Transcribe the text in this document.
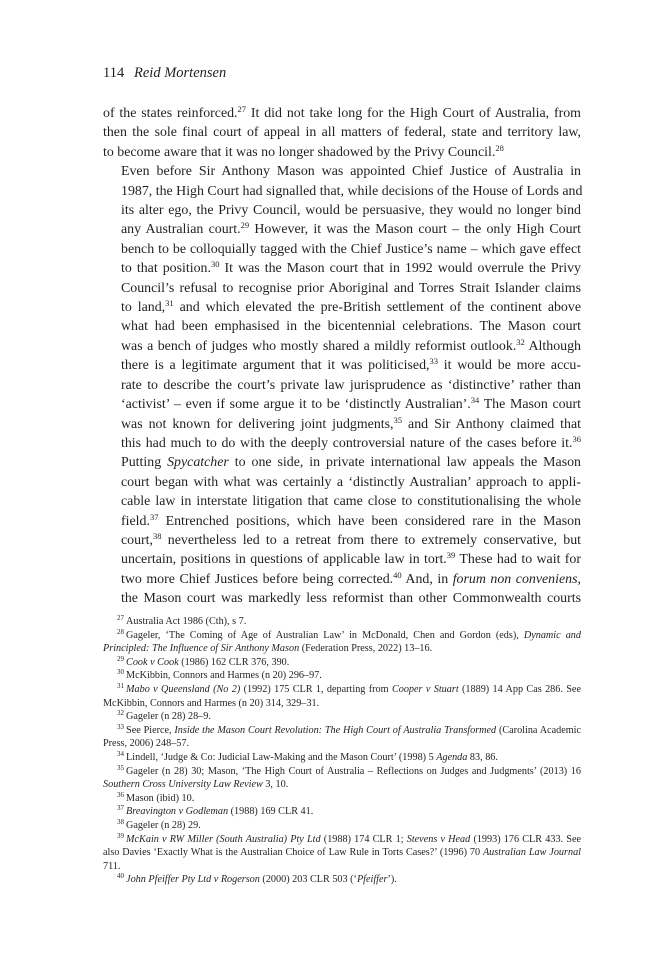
114 Reid Mortensen

of the states reinforced.$^{27}$ It did not take long for the High Court of Australia, from
then the sole final court of appeal in all matters of federal, state and territory law,
to become aware that it was no longer shadowed by the Privy Council.$^{28}$

Even before Sir Anthony Mason was appointed Chief Justice of Australia in
1987, the High Court had signalled that, while decisions of the House of Lords and
its alter ego, the Privy Council, would be persuasive, they would no longer bind
any Australian court.$^{29}$ However, it was the Mason court – the only High Court
bench to be colloquially tagged with the Chief Justice’s name – which gave effect
to that position.$^{30}$ It was the Mason court that in 1992 would overrule the Privy
Council’s refusal to recognise prior Aboriginal and Torres Strait Islander claims
to land,$^{31}$ and which elevated the pre-British settlement of the continent above
what had been emphasised in the bicentennial celebrations. The Mason court
was a bench of judges who mostly shared a mildly reformist outlook.$^{32}$ Although
there is a legitimate argument that it was politicised,$^{33}$ it would be more accu-
rate to describe the court’s private law jurisprudence as ‘distinctive’ rather than
‘activist’ – even if some argue it to be ‘distinctly Australian’.$^{34}$ The Mason court
was not known for delivering joint judgments,$^{35}$ and Sir Anthony claimed that
this had much to do with the deeply controversial nature of the cases before it.$^{36}$
Putting Spycatcher to one side, in private international law appeals the Mason
court began with what was certainly a ‘distinctly Australian’ approach to appli-
cable law in interstate litigation that came close to constitutionalising the whole
field.$^{37}$ Entrenched positions, which have been considered rare in the Mason
court,$^{38}$ nevertheless led to a retreat from there to extremely conservative, but
uncertain, positions in questions of applicable law in tort.$^{39}$ These had to wait for
two more Chief Justices before being corrected.$^{40}$ And, in forum non conveniens,
the Mason court was markedly less reformist than other Commonwealth courts

$^{27}$  Australia Act 1986 (Cth), s 7.

$^{28}$  Gageler, ‘The Coming of Age of Australian Law’ in McDonald, Chen and Gordon (eds), Dynamic and Principled: The Influence of Sir Anthony Mason (Federation Press, 2022) 13–16.

$^{29}$  Cook v Cook (1986) 162 CLR 376, 390.

$^{30}$  McKibbin, Connors and Harmes (n 20) 296–97.

$^{31}$  Mabo v Queensland (No 2) (1992) 175 CLR 1, departing from Cooper v Stuart (1889) 14 App Cas 286. See McKibbin, Connors and Harmes (n 20) 314, 329–31.

$^{32}$  Gageler (n 28) 28–9.

$^{33}$  See Pierce, Inside the Mason Court Revolution: The High Court of Australia Transformed (Carolina Academic Press, 2006) 248–57.

$^{34}$  Lindell, ‘Judge & Co: Judicial Law-Making and the Mason Court’ (1998) 5 Agenda 83, 86.

$^{35}$  Gageler (n 28) 30; Mason, ‘The High Court of Australia – Reflections on Judges and Judgments’ (2013) 16 Southern Cross University Law Review 3, 10.

$^{36}$  Mason (ibid) 10.

$^{37}$  Breavington v Godleman (1988) 169 CLR 41.

$^{38}$  Gageler (n 28) 29.

$^{39}$  McKain v RW Miller (South Australia) Pty Ltd (1988) 174 CLR 1; Stevens v Head (1993) 176 CLR 433. See also Davies ‘Exactly What is the Australian Choice of Law Rule in Torts Cases?’ (1996) 70 Australian Law Journal 711.

$^{40}$  John Pfeiffer Pty Ltd v Rogerson (2000) 203 CLR 503 (‘Pfeiffer’).
